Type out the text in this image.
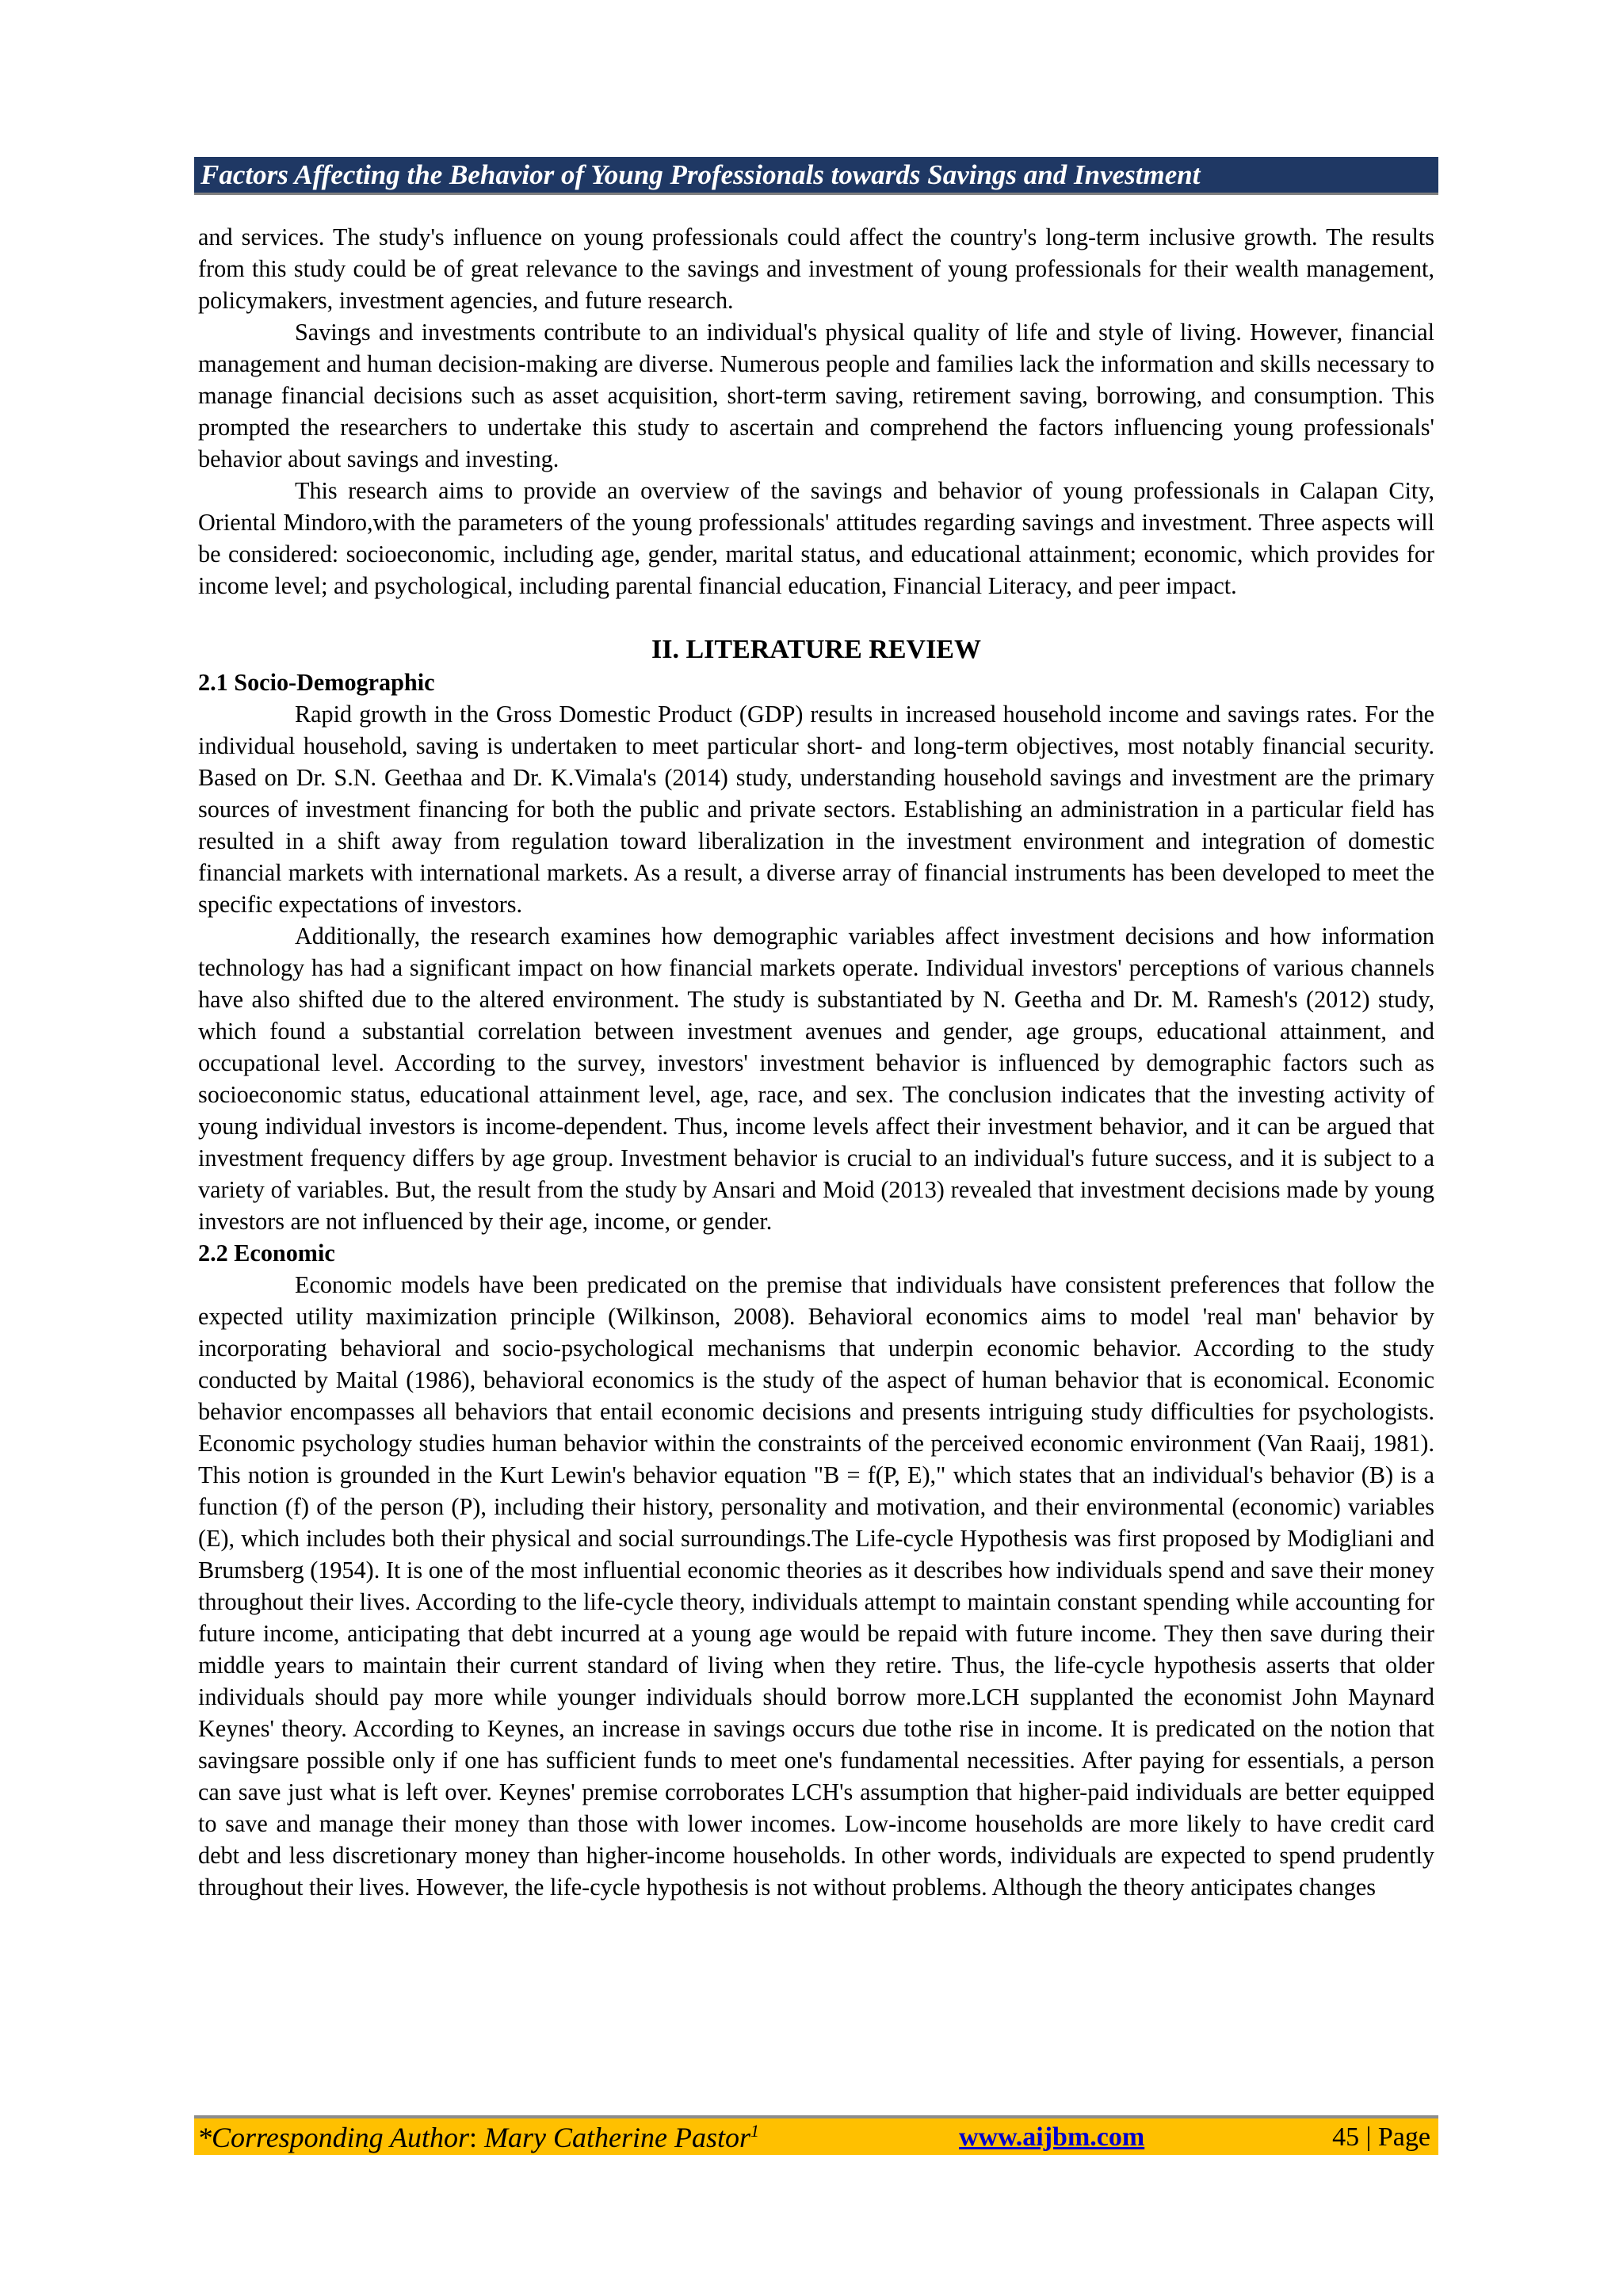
Factors Affecting the Behavior of Young Professionals towards Savings and Investment

and services. The study's influence on young professionals could affect the country's long-term inclusive growth. The results from this study could be of great relevance to the savings and investment of young professionals for their wealth management, policymakers, investment agencies, and future research.

Savings and investments contribute to an individual's physical quality of life and style of living. However, financial management and human decision-making are diverse. Numerous people and families lack the information and skills necessary to manage financial decisions such as asset acquisition, short-term saving, retirement saving, borrowing, and consumption. This prompted the researchers to undertake this study to ascertain and comprehend the factors influencing young professionals' behavior about savings and investing.

This research aims to provide an overview of the savings and behavior of young professionals in Calapan City, Oriental Mindoro,with the parameters of the young professionals' attitudes regarding savings and investment. Three aspects will be considered: socioeconomic, including age, gender, marital status, and educational attainment; economic, which provides for income level; and psychological, including parental financial education, Financial Literacy, and peer impact.

II. LITERATURE REVIEW
2.1 Socio-Demographic

Rapid growth in the Gross Domestic Product (GDP) results in increased household income and savings rates. For the individual household, saving is undertaken to meet particular short- and long-term objectives, most notably financial security. Based on Dr. S.N. Geethaa and Dr. K.Vimala's (2014) study, understanding household savings and investment are the primary sources of investment financing for both the public and private sectors. Establishing an administration in a particular field has resulted in a shift away from regulation toward liberalization in the investment environment and integration of domestic financial markets with international markets. As a result, a diverse array of financial instruments has been developed to meet the specific expectations of investors.

Additionally, the research examines how demographic variables affect investment decisions and how information technology has had a significant impact on how financial markets operate. Individual investors' perceptions of various channels have also shifted due to the altered environment. The study is substantiated by N. Geetha and Dr. M. Ramesh's (2012) study, which found a substantial correlation between investment avenues and gender, age groups, educational attainment, and occupational level. According to the survey, investors' investment behavior is influenced by demographic factors such as socioeconomic status, educational attainment level, age, race, and sex. The conclusion indicates that the investing activity of young individual investors is income-dependent. Thus, income levels affect their investment behavior, and it can be argued that investment frequency differs by age group. Investment behavior is crucial to an individual's future success, and it is subject to a variety of variables. But, the result from the study by Ansari and Moid (2013) revealed that investment decisions made by young investors are not influenced by their age, income, or gender.

2.2 Economic

Economic models have been predicated on the premise that individuals have consistent preferences that follow the expected utility maximization principle (Wilkinson, 2008). Behavioral economics aims to model 'real man' behavior by incorporating behavioral and socio-psychological mechanisms that underpin economic behavior. According to the study conducted by Maital (1986), behavioral economics is the study of the aspect of human behavior that is economical. Economic behavior encompasses all behaviors that entail economic decisions and presents intriguing study difficulties for psychologists. Economic psychology studies human behavior within the constraints of the perceived economic environment (Van Raaij, 1981). This notion is grounded in the Kurt Lewin's behavior equation "B = f(P, E)," which states that an individual's behavior (B) is a function (f) of the person (P), including their history, personality and motivation, and their environmental (economic) variables (E), which includes both their physical and social surroundings.The Life-cycle Hypothesis was first proposed by Modigliani and Brumsberg (1954). It is one of the most influential economic theories as it describes how individuals spend and save their money throughout their lives. According to the life-cycle theory, individuals attempt to maintain constant spending while accounting for future income, anticipating that debt incurred at a young age would be repaid with future income. They then save during their middle years to maintain their current standard of living when they retire. Thus, the life-cycle hypothesis asserts that older individuals should pay more while younger individuals should borrow more.LCH supplanted the economist John Maynard Keynes' theory. According to Keynes, an increase in savings occurs due tothe rise in income. It is predicated on the notion that savingsare possible only if one has sufficient funds to meet one's fundamental necessities. After paying for essentials, a person can save just what is left over. Keynes' premise corroborates LCH's assumption that higher-paid individuals are better equipped to save and manage their money than those with lower incomes. Low-income households are more likely to have credit card debt and less discretionary money than higher-income households. In other words, individuals are expected to spend prudently throughout their lives. However, the life-cycle hypothesis is not without problems. Although the theory anticipates changes

*Corresponding Author: Mary Catherine Pastor$^1$	www.aijbm.com	45 | Page
